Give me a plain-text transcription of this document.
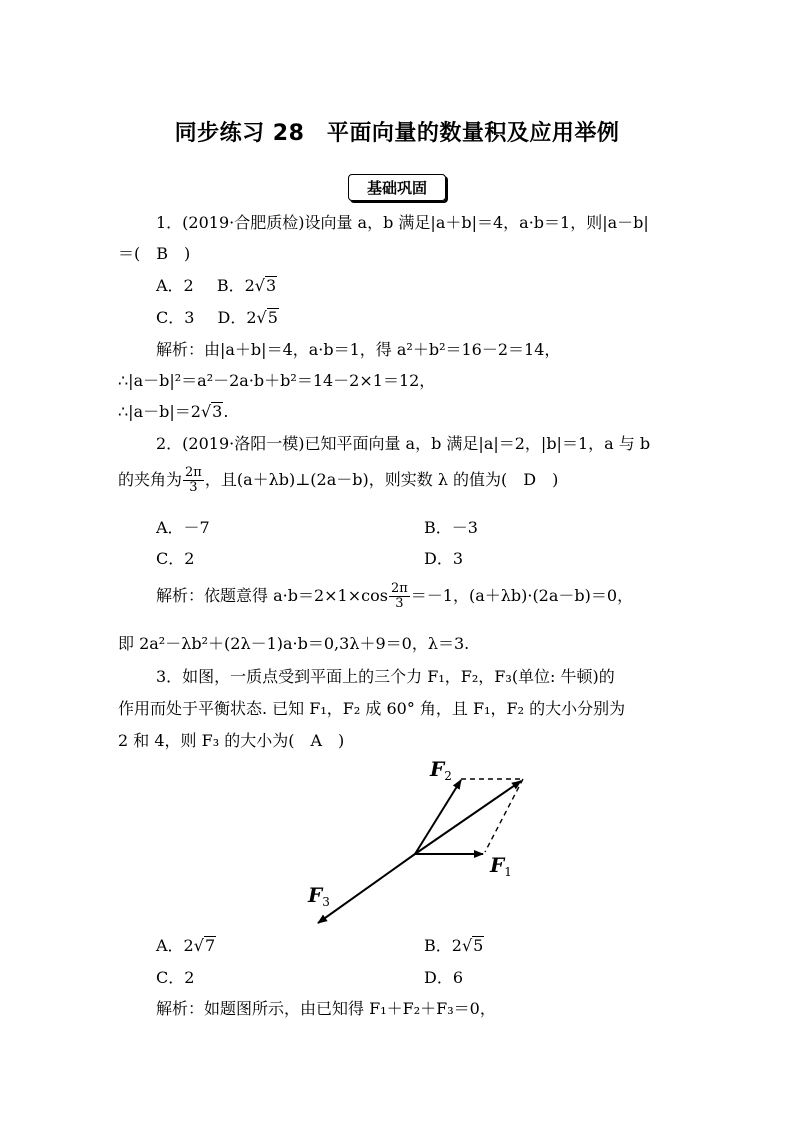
同步练习 28　平面向量的数量积及应用举例
基础巩固
1．(2019·合肥质检)设向量 a，b 满足|a＋b|＝4，a·b＝1，则|a－b|
＝(　B　)
A．2 B．2√3
C．3 D．2√5
解析：由|a＋b|＝4，a·b＝1，得 a²＋b²＝16－2＝14，
∴|a－b|²＝a²－2a·b＋b²＝14－2×1＝12，
∴|a－b|＝2√3.
2．(2019·洛阳一模)已知平面向量 a，b 满足|a|＝2，|b|＝1，a 与 b
的夹角为 $\frac{2\pi}{3}$ ，且(a＋λb)⊥(2a－b)，则实数 λ 的值为(　D　)
A．－7	B．－3
C．2	D．3
解析：依题意得 $a\cdot b=2\times 1\times\cos \frac{2\pi}{3} =-1$，(a＋λb)·(2a－b)＝0，
即 2a²－λb²＋(2λ－1)a·b＝0,3λ＋9＝0，λ＝3.
3．如图，一质点受到平面上的三个力 F₁，F₂，F₃(单位: 牛顿)的
作用而处于平衡状态. 已知 F₁，F₂ 成 60° 角，且 F₁，F₂ 的大小分别为
2 和 4，则 F₃ 的大小为(　A　)
$F_2$
$F_1$
$F_3$
A．2√7	B．2√5
C．2	D．6
解析：如题图所示，由已知得 F₁＋F₂＋F₃＝0，
